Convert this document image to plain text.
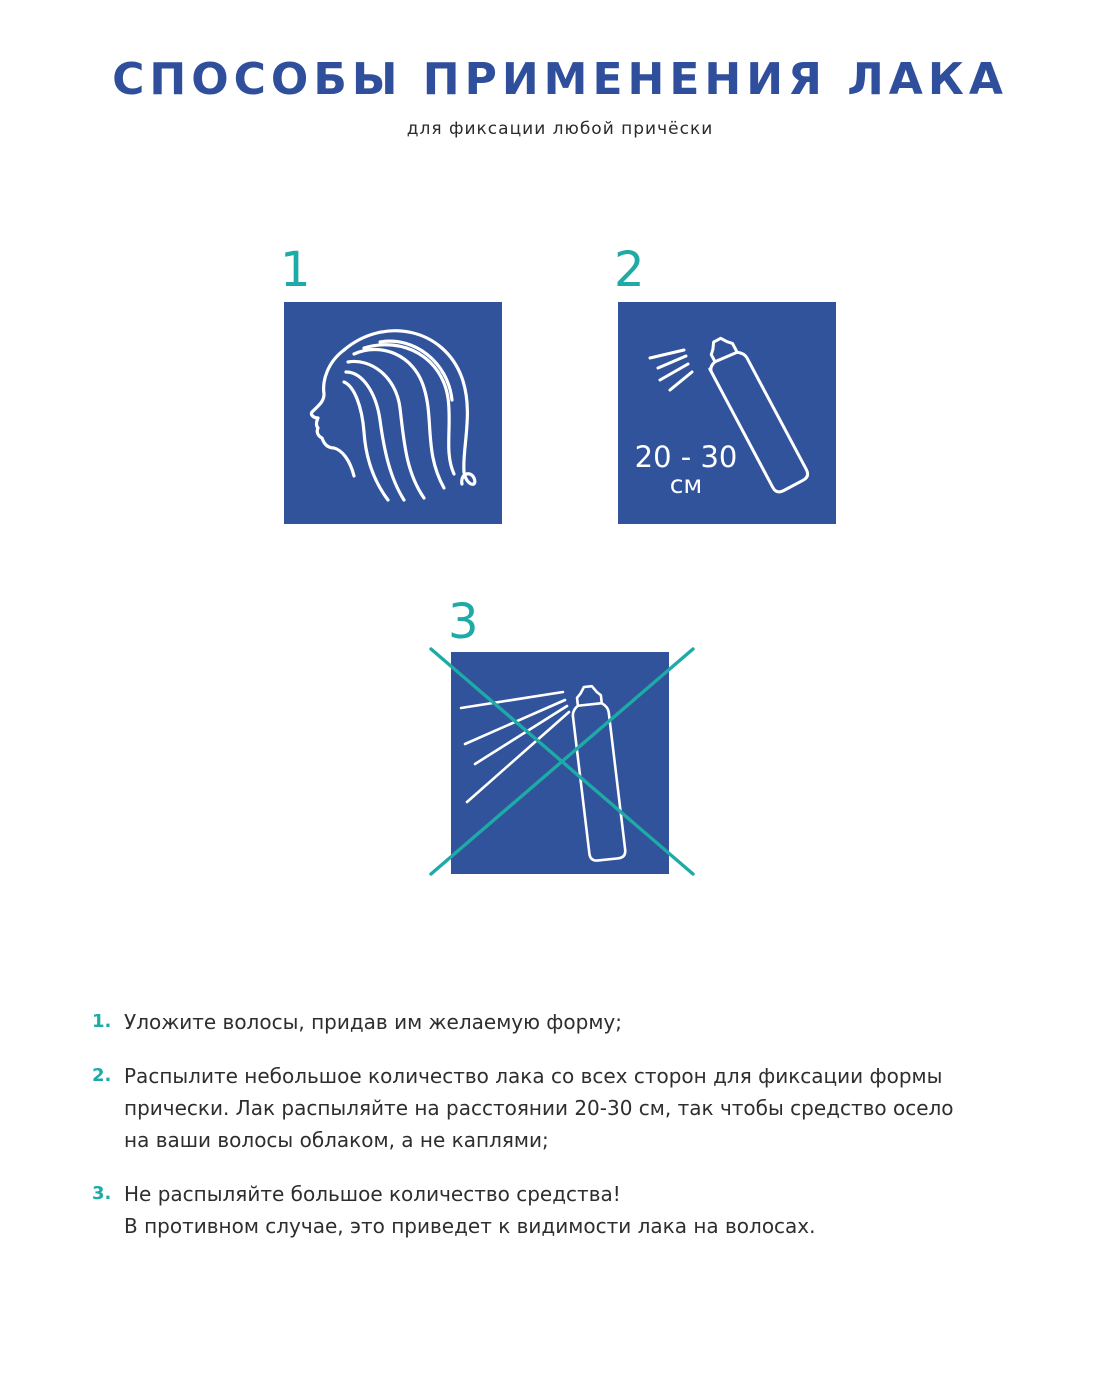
СПОСОБЫ ПРИМЕНЕНИЯ ЛАКА

для фиксации любой причёски

1	2
20 - 30
см
3
1. Уложите волосы, придав им желаемую форму;
2. Распылите небольшое количество лака со всех сторон для фиксации формы
прически. Лак распыляйте на расстоянии 20-30 см, так чтобы средство осело
на ваши волосы облаком, а не каплями;
3. Не распыляйте большое количество средства!
В противном случае, это приведет к видимости лака на волосах.
